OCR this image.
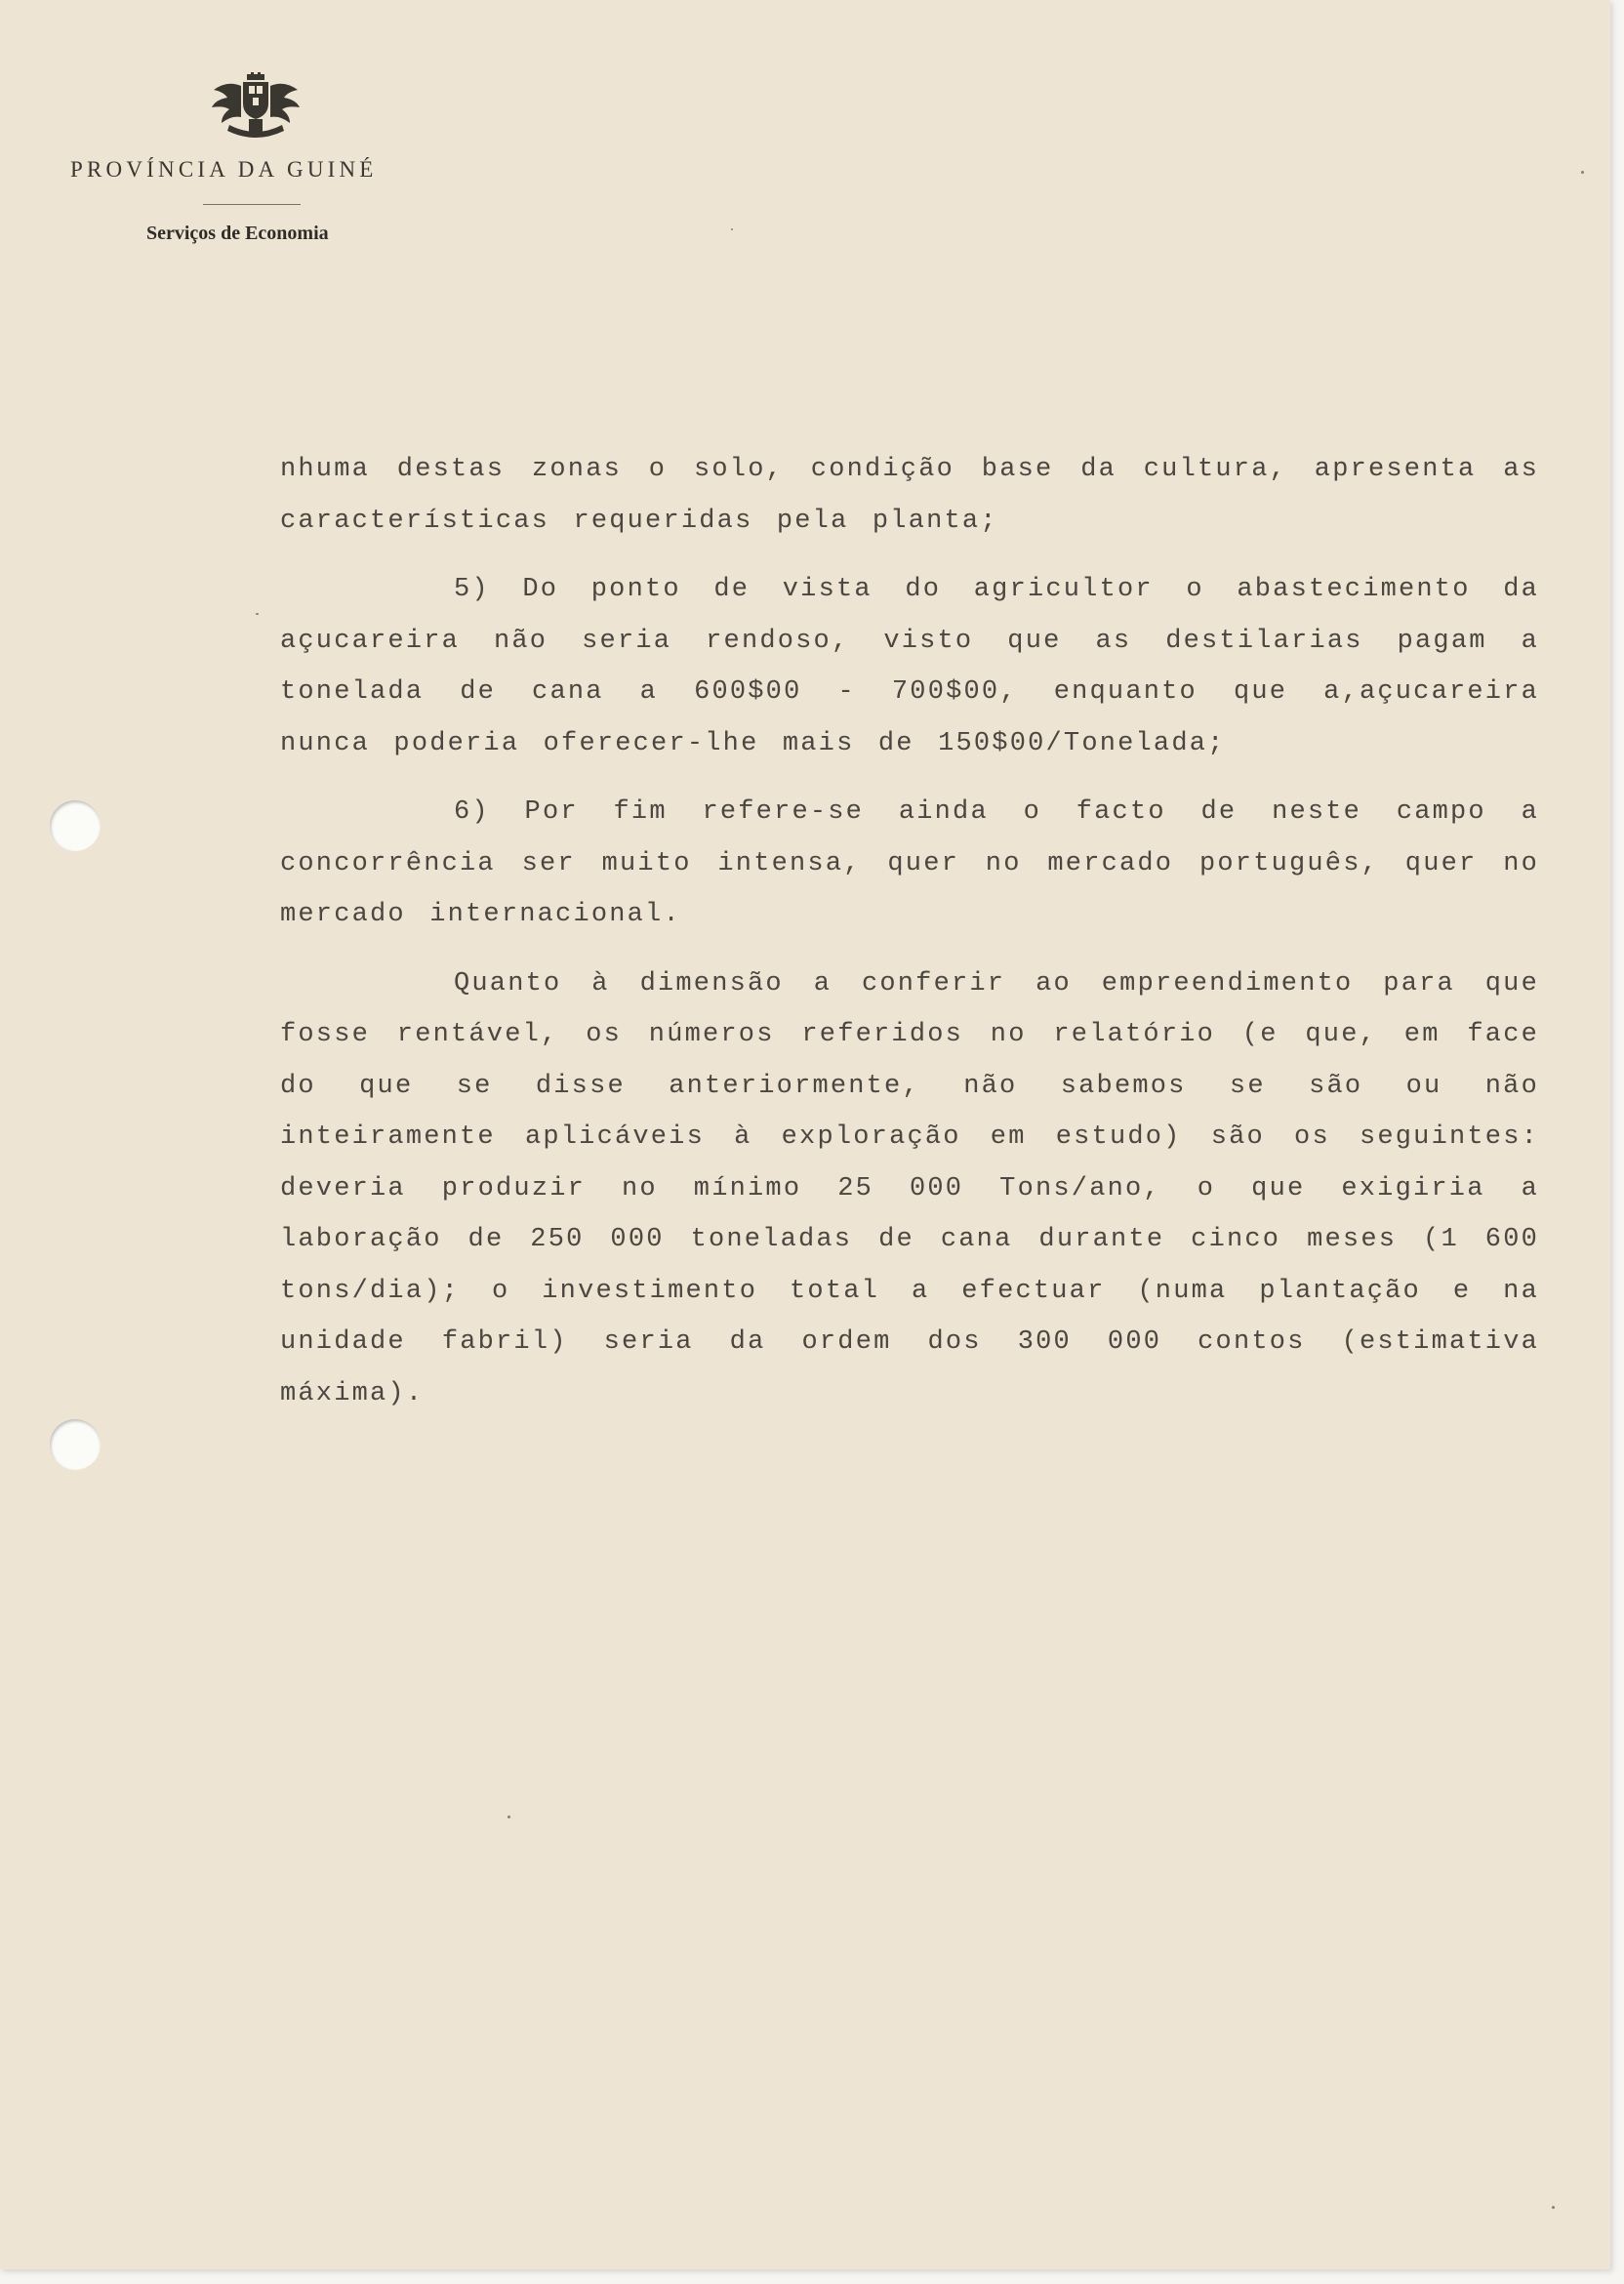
PROVÍNCIA DA GUINÉ
Serviços de Economia

nhuma destas zonas o solo, condição base da cultura, apresenta as características requeridas pela planta;

5) Do ponto de vista do agricultor o abastecimento da açucareira não seria rendoso, visto que as destilarias pagam a tonelada de cana a 600$00 - 700$00, enquanto que a,açucareira nunca poderia oferecer-lhe mais de 150$00/Tonelada;

6) Por fim refere-se ainda o facto de neste campo a concorrência ser muito intensa, quer no mercado português, quer no mercado internacional.

Quanto à dimensão a conferir ao empreendimento para que fosse rentável, os números referidos no relatório (e que, em face do que se disse anteriormente, não sabemos se são ou não inteiramente aplicáveis à exploração em estudo) são os seguintes: deveria produzir no mínimo 25 000 Tons/ano, o que exigiria a laboração de 250 000 toneladas de cana durante cinco meses (1 600 tons/dia); o investimento total a efectuar (numa plantação e na unidade fabril) seria da ordem dos 300 000 contos (estimativa máxima).
